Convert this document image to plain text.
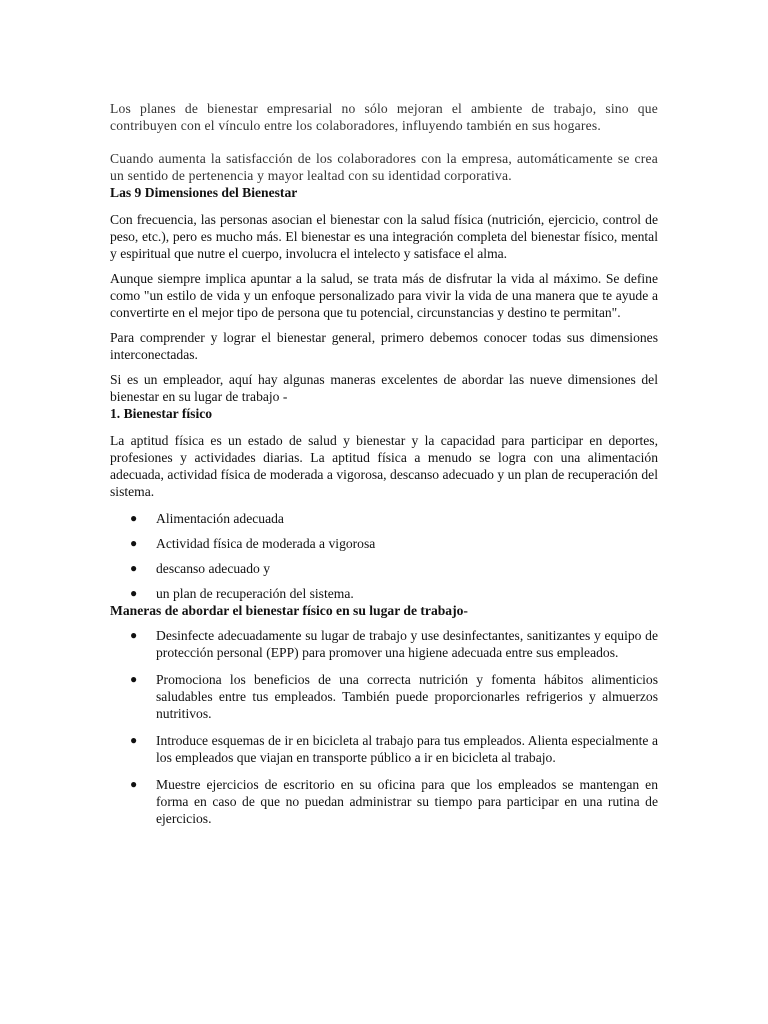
Los planes de bienestar empresarial no sólo mejoran el ambiente de trabajo, sino que contribuyen con el vínculo entre los colaboradores, influyendo también en sus hogares.

Cuando aumenta la satisfacción de los colaboradores con la empresa, automáticamente se crea un sentido de pertenencia y mayor lealtad con su identidad corporativa.

Las 9 Dimensiones del Bienestar

Con frecuencia, las personas asocian el bienestar con la salud física (nutrición, ejercicio, control de peso, etc.), pero es mucho más. El bienestar es una integración completa del bienestar físico, mental y espiritual que nutre el cuerpo, involucra el intelecto y satisface el alma.

Aunque siempre implica apuntar a la salud, se trata más de disfrutar la vida al máximo. Se define como "un estilo de vida y un enfoque personalizado para vivir la vida de una manera que te ayude a convertirte en el mejor tipo de persona que tu potencial, circunstancias y destino te permitan".

Para comprender y lograr el bienestar general, primero debemos conocer todas sus dimensiones interconectadas.

Si es un empleador, aquí hay algunas maneras excelentes de abordar las nueve dimensiones del bienestar en su lugar de trabajo -

1. Bienestar físico

La aptitud física es un estado de salud y bienestar y la capacidad para participar en deportes, profesiones y actividades diarias. La aptitud física a menudo se logra con una alimentación adecuada, actividad física de moderada a vigorosa, descanso adecuado y un plan de recuperación del sistema.

● Alimentación adecuada
● Actividad física de moderada a vigorosa
● descanso adecuado y
● un plan de recuperación del sistema.
Maneras de abordar el bienestar físico en su lugar de trabajo-
● Desinfecte adecuadamente su lugar de trabajo y use desinfectantes, sanitizantes y equipo de protección personal (EPP) para promover una higiene adecuada entre sus empleados.
● Promociona los beneficios de una correcta nutrición y fomenta hábitos alimenticios saludables entre tus empleados. También puede proporcionarles refrigerios y almuerzos nutritivos.
● Introduce esquemas de ir en bicicleta al trabajo para tus empleados. Alienta especialmente a los empleados que viajan en transporte público a ir en bicicleta al trabajo.
● Muestre ejercicios de escritorio en su oficina para que los empleados se mantengan en forma en caso de que no puedan administrar su tiempo para participar en una rutina de ejercicios.
